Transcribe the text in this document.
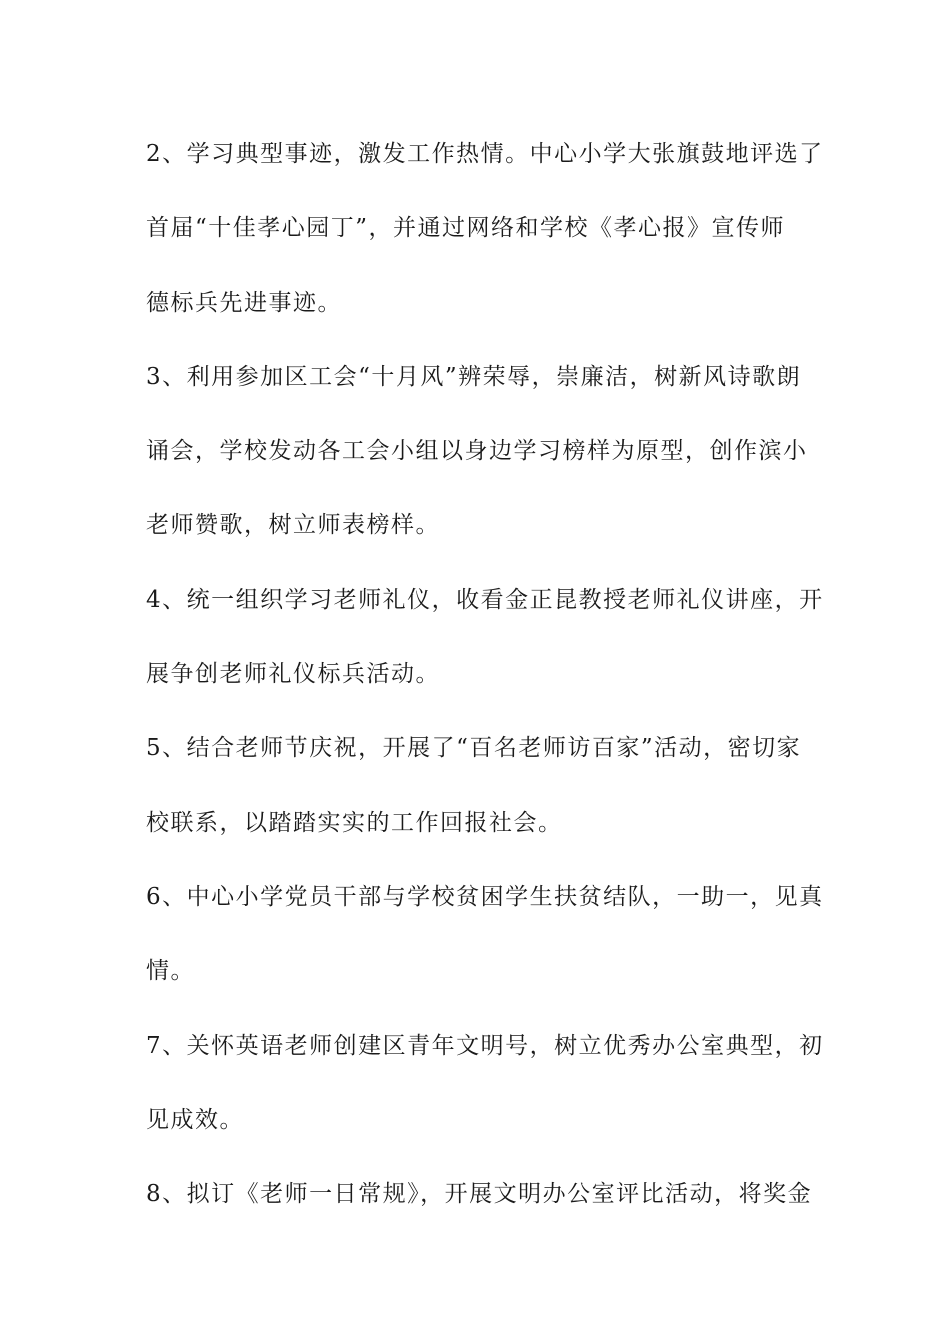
2、学习典型事迹，激发工作热情。中心小学大张旗鼓地评选了
首届“十佳孝心园丁”，并通过网络和学校《孝心报》宣传师
德标兵先进事迹。
3、利用参加区工会“十月风”辨荣辱，崇廉洁，树新风诗歌朗
诵会，学校发动各工会小组以身边学习榜样为原型，创作滨小
老师赞歌，树立师表榜样。
4、统一组织学习老师礼仪，收看金正昆教授老师礼仪讲座，开
展争创老师礼仪标兵活动。
5、结合老师节庆祝，开展了“百名老师访百家”活动，密切家
校联系，以踏踏实实的工作回报社会。
6、中心小学党员干部与学校贫困学生扶贫结队，一助一，见真
情。
7、关怀英语老师创建区青年文明号，树立优秀办公室典型，初
见成效。
8、拟订《老师一日常规》，开展文明办公室评比活动，将奖金
